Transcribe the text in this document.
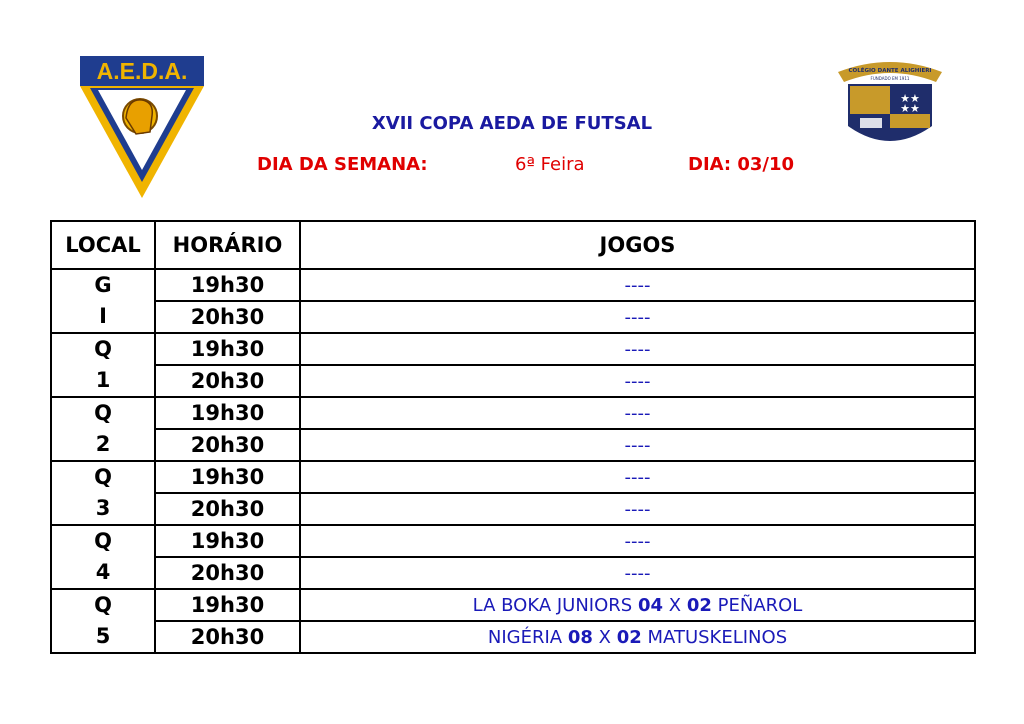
A.E.D.A.	COLÉGIO DANTE ALIGHIERI
FUNDADO EM 1911
★★
★★
XVII COPA AEDA DE FUTSAL
DIA DA SEMANA:	6ª Feira	DIA: 03/10
LOCAL	HORÁRIO	JOGOS

G
I	19h30	----
	20h30	----

Q
1	19h30	----
	20h30	----

Q
2	19h30	----
	20h30	----

Q
3	19h30	----
	20h30	----

Q
4	19h30	----
	20h30	----

Q
5	19h30	LA BOKA JUNIORS 04 X 02 PEÑAROL
	20h30	NIGÉRIA 08 X 02 MATUSKELINOS
